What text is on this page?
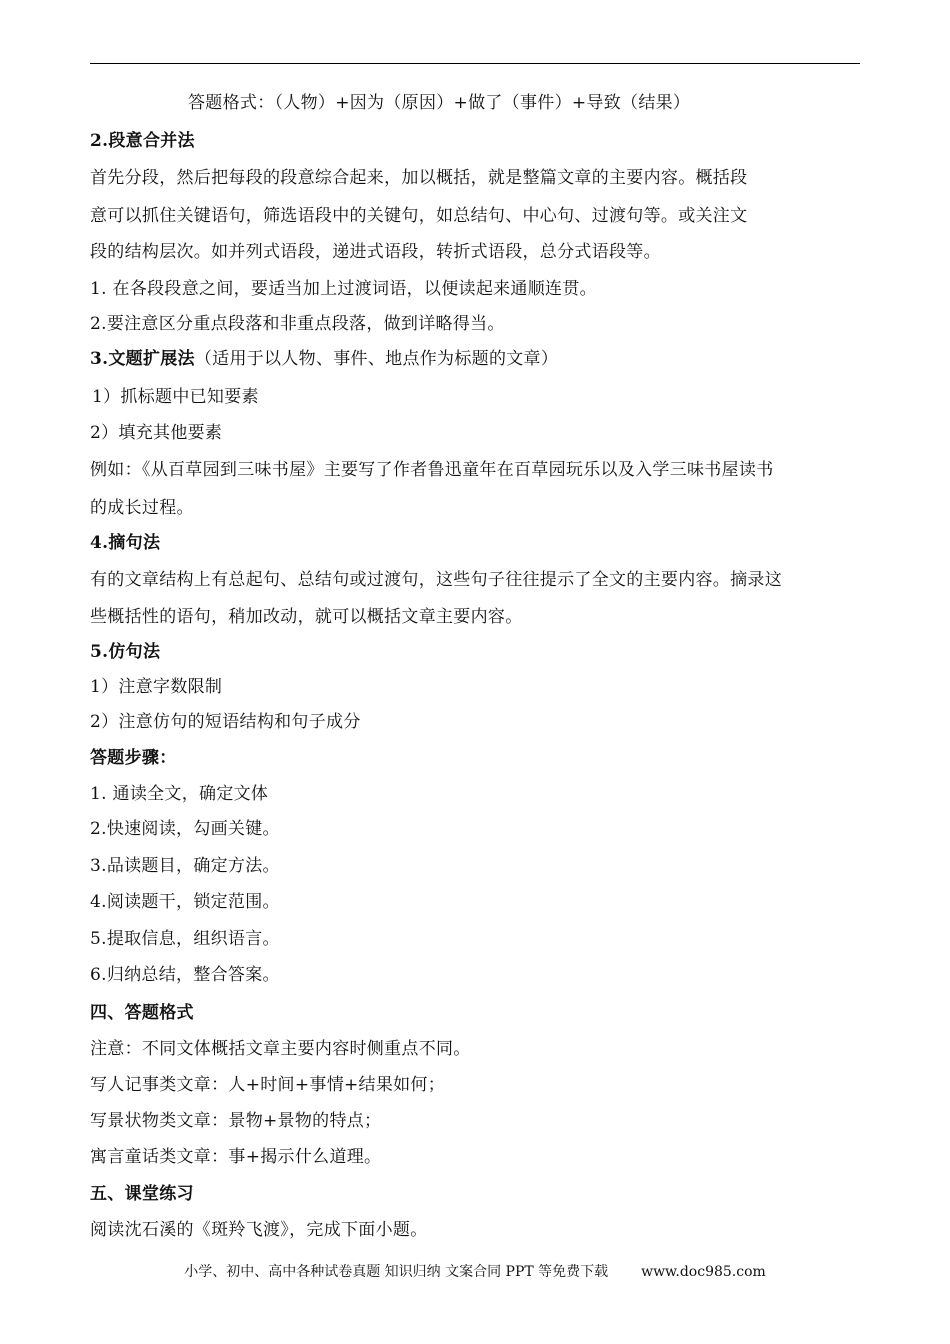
答题格式：（人物）+因为（原因）+做了（事件）+导致（结果）
2.段意合并法
首先分段，然后把每段的段意综合起来，加以概括，就是整篇文章的主要内容。概括段
意可以抓住关键语句，筛选语段中的关键句，如总结句、中心句、过渡句等。或关注文
段的结构层次。如并列式语段，递进式语段，转折式语段，总分式语段等。
1. 在各段段意之间，要适当加上过渡词语，以便读起来通顺连贯。
2.要注意区分重点段落和非重点段落，做到详略得当。
3.文题扩展法（适用于以人物、事件、地点作为标题的文章）
1）抓标题中已知要素
2）填充其他要素
例如：《从百草园到三味书屋》主要写了作者鲁迅童年在百草园玩乐以及入学三味书屋读书
的成长过程。
4.摘句法
有的文章结构上有总起句、总结句或过渡句，这些句子往往提示了全文的主要内容。摘录这
些概括性的语句，稍加改动，就可以概括文章主要内容。
5.仿句法
1）注意字数限制
2）注意仿句的短语结构和句子成分
答题步骤：
1. 通读全文，确定文体
2.快速阅读，勾画关键。
3.品读题目，确定方法。
4.阅读题干，锁定范围。
5.提取信息，组织语言。
6.归纳总结，整合答案。
四、答题格式
注意：不同文体概括文章主要内容时侧重点不同。
写人记事类文章：人+时间+事情+结果如何；
写景状物类文章：景物+景物的特点；
寓言童话类文章：事+揭示什么道理。
五、课堂练习
阅读沈石溪的《斑羚飞渡》，完成下面小题。
小学、初中、高中各种试卷真题 知识归纳 文案合同 PPT 等免费下载 www.doc985.com
